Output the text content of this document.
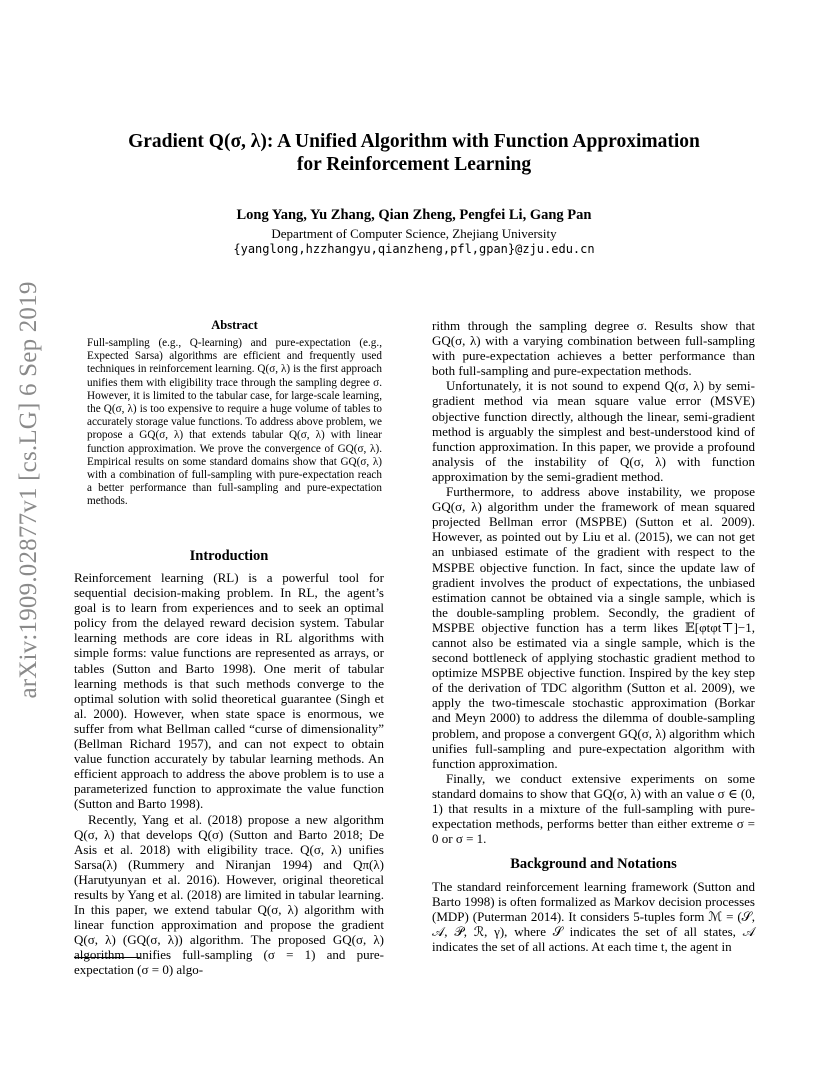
arXiv:1909.02877v1 [cs.LG] 6 Sep 2019
Gradient Q(σ, λ): A Unified Algorithm with Function Approximation
for Reinforcement Learning
Long Yang, Yu Zhang, Qian Zheng, Pengfei Li, Gang Pan
Department of Computer Science, Zhejiang University
{yanglong,hzzhangyu,qianzheng,pfl,gpan}@zju.edu.cn
Abstract
Full-sampling (e.g., Q-learning) and pure-expectation (e.g., Expected Sarsa) algorithms are efficient and frequently used techniques in reinforcement learning. Q(σ, λ) is the first approach unifies them with eligibility trace through the sampling degree σ. However, it is limited to the tabular case, for large-scale learning, the Q(σ, λ) is too expensive to require a huge volume of tables to accurately storage value functions. To address above problem, we propose a GQ(σ, λ) that extends tabular Q(σ, λ) with linear function approximation. We prove the convergence of GQ(σ, λ). Empirical results on some standard domains show that GQ(σ, λ) with a combination of full-sampling with pure-expectation reach a better performance than full-sampling and pure-expectation methods.
Introduction

Reinforcement learning (RL) is a powerful tool for sequential decision-making problem. In RL, the agent’s goal is to learn from experiences and to seek an optimal policy from the delayed reward decision system. Tabular learning methods are core ideas in RL algorithms with simple forms: value functions are represented as arrays, or tables (Sutton and Barto 1998). One merit of tabular learning methods is that such methods converge to the optimal solution with solid theoretical guarantee (Singh et al. 2000). However, when state space is enormous, we suffer from what Bellman called “curse of dimensionality” (Bellman Richard 1957), and can not expect to obtain value function accurately by tabular learning methods. An efficient approach to address the above problem is to use a parameterized function to approximate the value function (Sutton and Barto 1998).

Recently, Yang et al. (2018) propose a new algorithm Q(σ, λ) that develops Q(σ) (Sutton and Barto 2018; De Asis et al. 2018) with eligibility trace. Q(σ, λ) unifies Sarsa(λ) (Rummery and Niranjan 1994) and Qπ(λ) (Harutyunyan et al. 2016). However, original theoretical results by Yang et al. (2018) are limited in tabular learning. In this paper, we extend tabular Q(σ, λ) algorithm with linear function approximation and propose the gradient Q(σ, λ) (GQ(σ, λ)) algorithm. The proposed GQ(σ, λ) algorithm unifies full-sampling (σ = 1) and pure-expectation (σ = 0) algo-

rithm through the sampling degree σ. Results show that GQ(σ, λ) with a varying combination between full-sampling with pure-expectation achieves a better performance than both full-sampling and pure-expectation methods.

Unfortunately, it is not sound to expend Q(σ, λ) by semi-gradient method via mean square value error (MSVE) objective function directly, although the linear, semi-gradient method is arguably the simplest and best-understood kind of function approximation. In this paper, we provide a profound analysis of the instability of Q(σ, λ) with function approximation by the semi-gradient method.

Furthermore, to address above instability, we propose GQ(σ, λ) algorithm under the framework of mean squared projected Bellman error (MSPBE) (Sutton et al. 2009). However, as pointed out by Liu et al. (2015), we can not get an unbiased estimate of the gradient with respect to the MSPBE objective function. In fact, since the update law of gradient involves the product of expectations, the unbiased estimation cannot be obtained via a single sample, which is the double-sampling problem. Secondly, the gradient of MSPBE objective function has a term likes 𝔼[φtφt⊤]−1, cannot also be estimated via a single sample, which is the second bottleneck of applying stochastic gradient method to optimize MSPBE objective function. Inspired by the key step of the derivation of TDC algorithm (Sutton et al. 2009), we apply the two-timescale stochastic approximation (Borkar and Meyn 2000) to address the dilemma of double-sampling problem, and propose a convergent GQ(σ, λ) algorithm which unifies full-sampling and pure-expectation algorithm with function approximation.

Finally, we conduct extensive experiments on some standard domains to show that GQ(σ, λ) with an value σ ∈ (0, 1) that results in a mixture of the full-sampling with pure-expectation methods, performs better than either extreme σ = 0 or σ = 1.

Background and Notations

The standard reinforcement learning framework (Sutton and Barto 1998) is often formalized as Markov decision processes (MDP) (Puterman 2014). It considers 5-tuples form ℳ = (𝒮, 𝒜, 𝒫, ℛ, γ), where 𝒮 indicates the set of all states, 𝒜 indicates the set of all actions. At each time t, the agent in
